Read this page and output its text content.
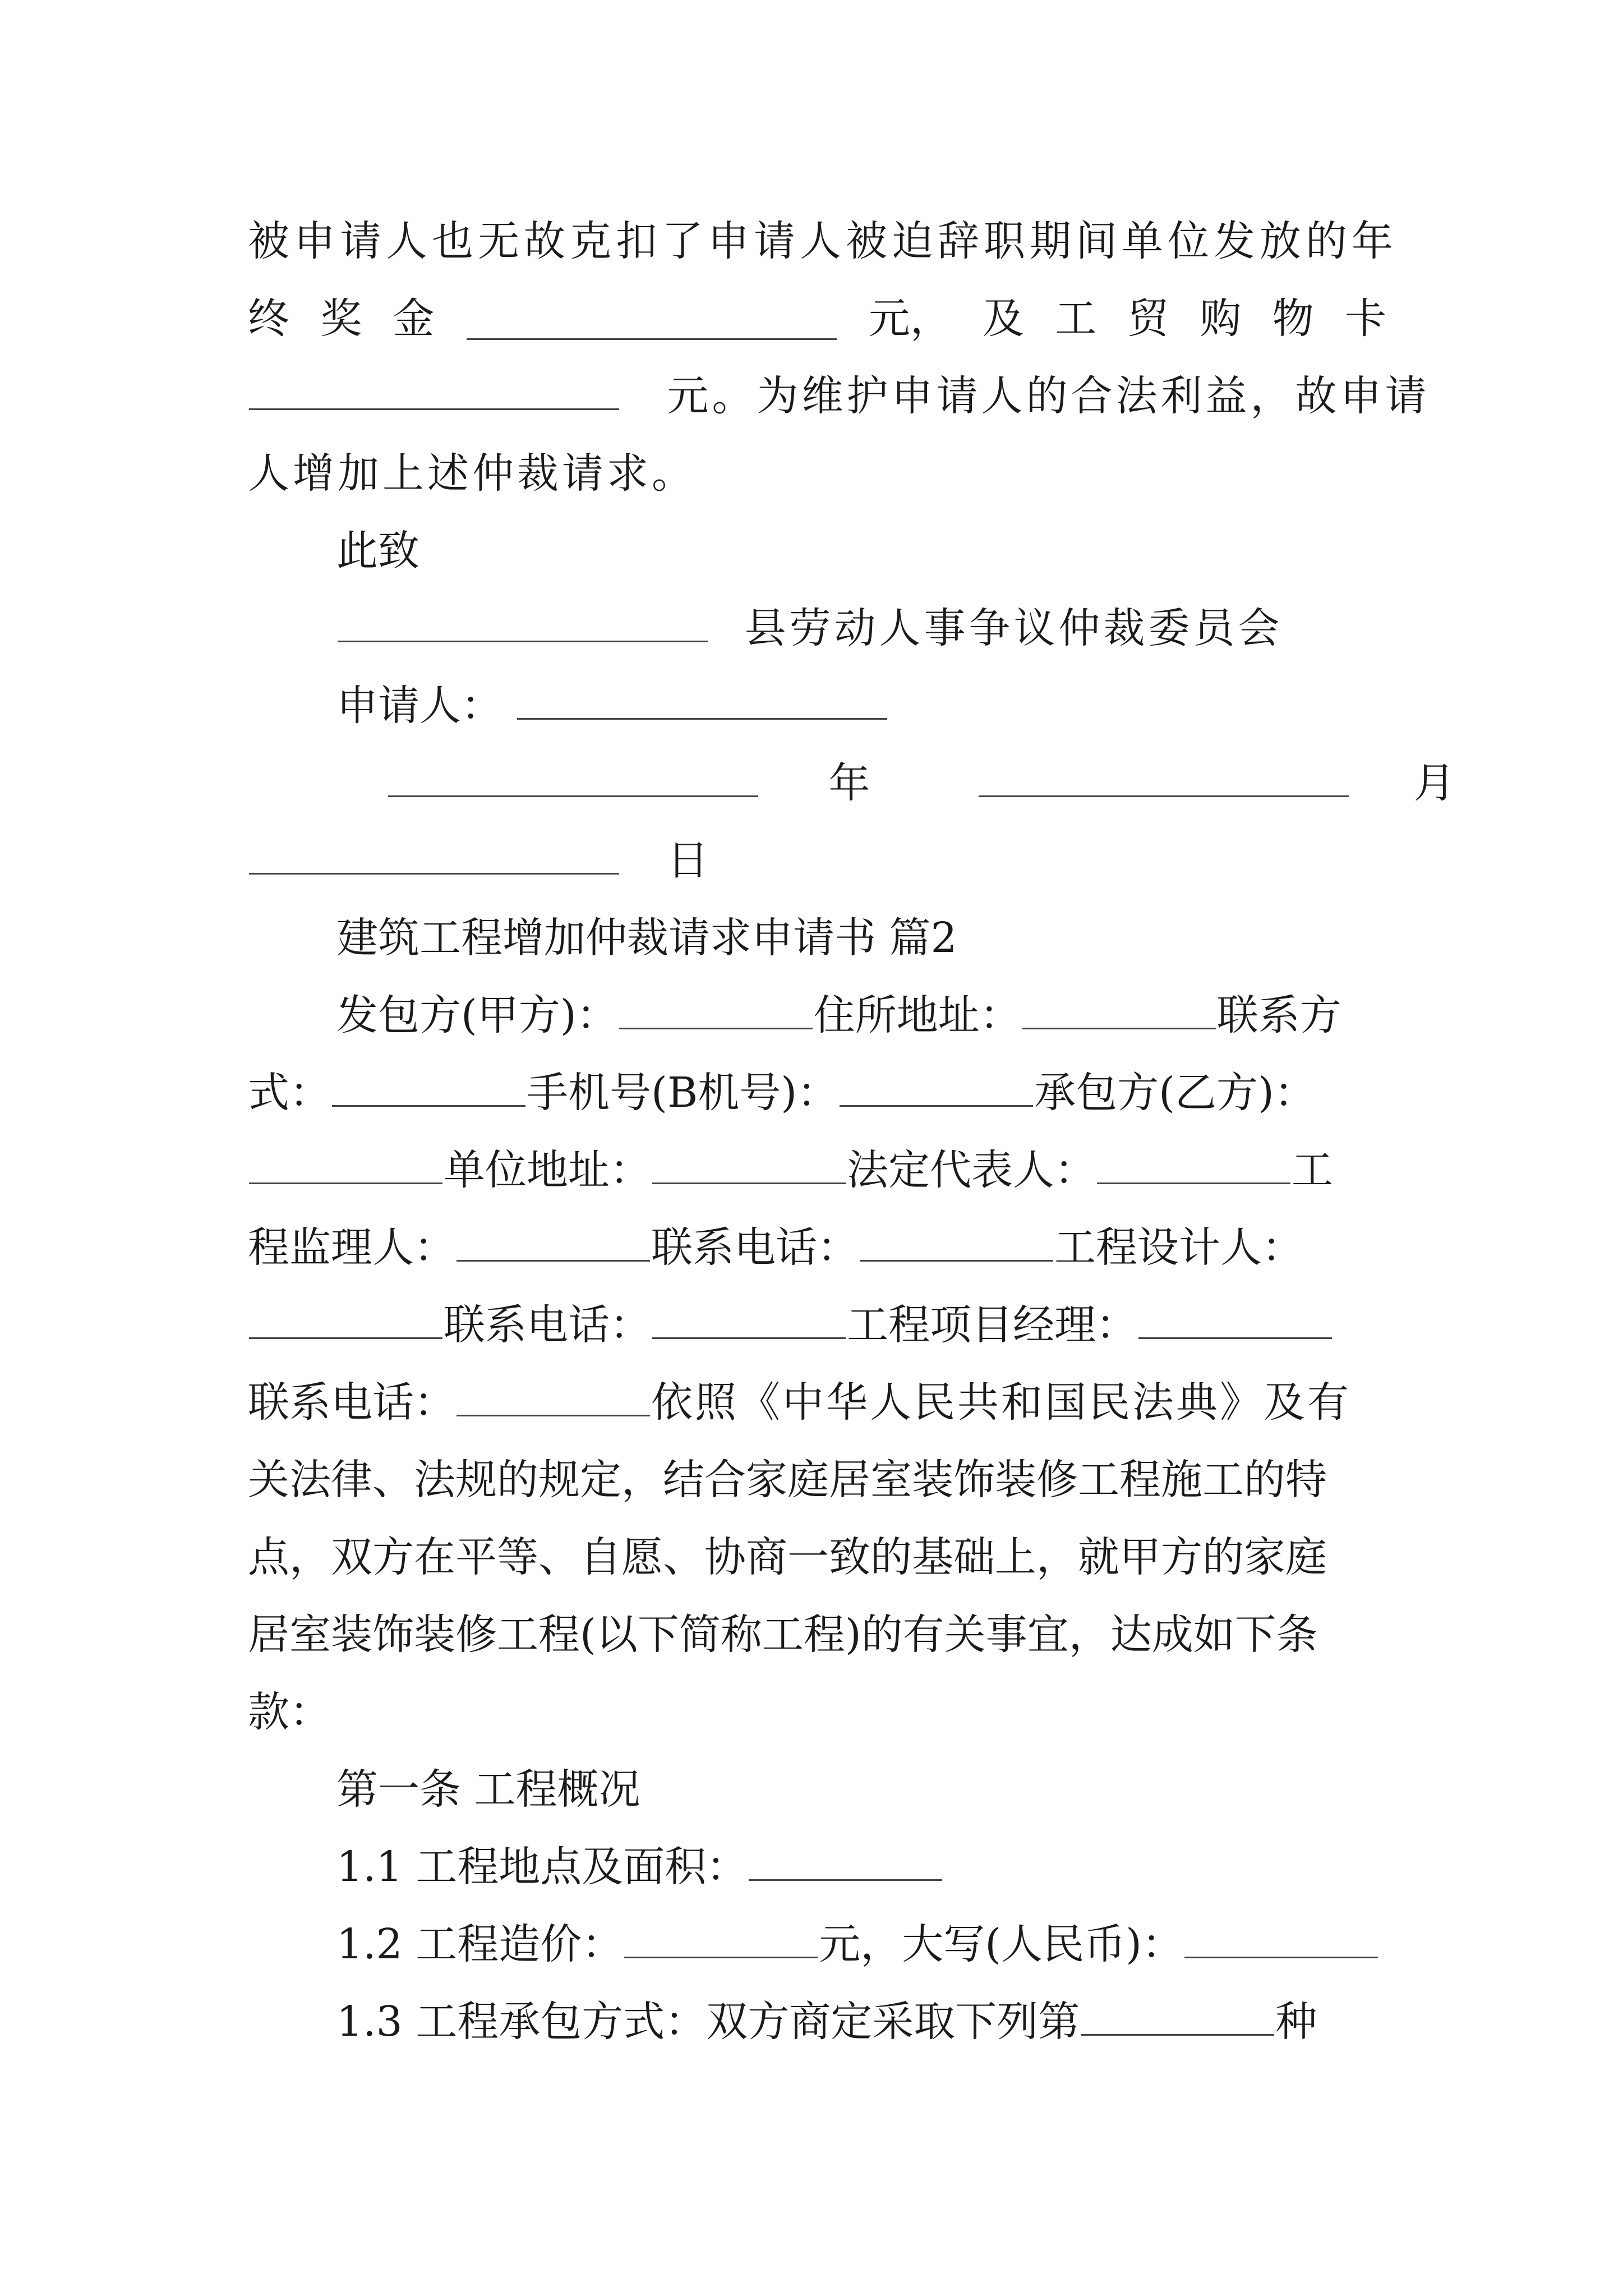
被申请人也无故克扣了申请人被迫辞职期间单位发放的年
终 奖 金	元， 及 工 贸 购 物 卡
元。为维护申请人的合法利益，故申请
人增加上述仲裁请求。
此致
县劳动人事争议仲裁委员会
申请人：
年	月
日
建筑工程增加仲裁请求申请书 篇2
发包方(甲方)：	住所地址：	联系方
式：	手机号(B机号)：	承包方(乙方)：
单位地址：	法定代表人：	工
程监理人：	联系电话：	工程设计人：
联系电话：	工程项目经理：
联系电话：	依照《中华人民共和国民法典》及有
关法律、法规的规定，结合家庭居室装饰装修工程施工的特
点，双方在平等、自愿、协商一致的基础上，就甲方的家庭
居室装饰装修工程(以下简称工程)的有关事宜，达成如下条
款：
第一条 工程概况
1.1 工程地点及面积：
1.2 工程造价：	元，大写(人民币)：
1.3 工程承包方式：双方商定采取下列第	种
